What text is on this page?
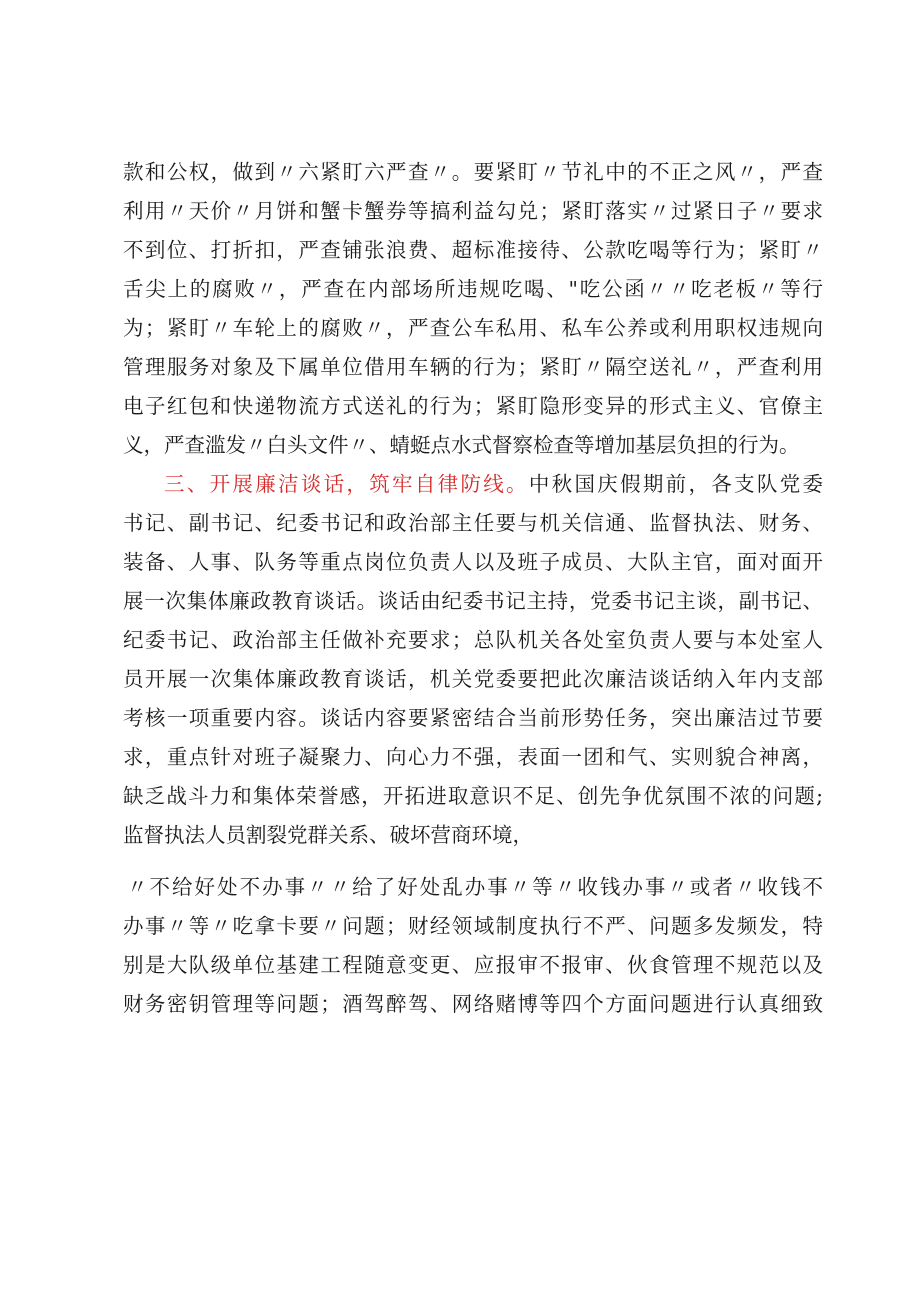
款和公权，做到〃六紧盯六严查〃。要紧盯〃节礼中的不正之风〃，严查
利用〃天价〃月饼和蟹卡蟹券等搞利益勾兑；紧盯落实〃过紧日子〃要求
不到位、打折扣，严查铺张浪费、超标准接待、公款吃喝等行为；紧盯〃
舌尖上的腐败〃，严查在内部场所违规吃喝、"吃公函〃〃吃老板〃等行
为；紧盯〃车轮上的腐败〃，严查公车私用、私车公养或利用职权违规向
管理服务对象及下属单位借用车辆的行为；紧盯〃隔空送礼〃，严查利用
电子红包和快递物流方式送礼的行为；紧盯隐形变异的形式主义、官僚主
义，严查滥发〃白头文件〃、蜻蜓点水式督察检查等增加基层负担的行为。
三、开展廉洁谈话，筑牢自律防线。中秋国庆假期前，各支队党委
书记、副书记、纪委书记和政治部主任要与机关信通、监督执法、财务、
装备、人事、队务等重点岗位负责人以及班子成员、大队主官，面对面开
展一次集体廉政教育谈话。谈话由纪委书记主持，党委书记主谈，副书记、
纪委书记、政治部主任做补充要求；总队机关各处室负责人要与本处室人
员开展一次集体廉政教育谈话，机关党委要把此次廉洁谈话纳入年内支部
考核一项重要内容。谈话内容要紧密结合当前形势任务，突出廉洁过节要
求，重点针对班子凝聚力、向心力不强，表面一团和气、实则貌合神离，
缺乏战斗力和集体荣誉感，开拓进取意识不足、创先争优氛围不浓的问题;
监督执法人员割裂党群关系、破坏营商环境，
〃不给好处不办事〃〃给了好处乱办事〃等〃收钱办事〃或者〃收钱不
办事〃等〃吃拿卡要〃问题；财经领域制度执行不严、问题多发频发，特
别是大队级单位基建工程随意变更、应报审不报审、伙食管理不规范以及
财务密钥管理等问题；酒驾醉驾、网络赌博等四个方面问题进行认真细致
